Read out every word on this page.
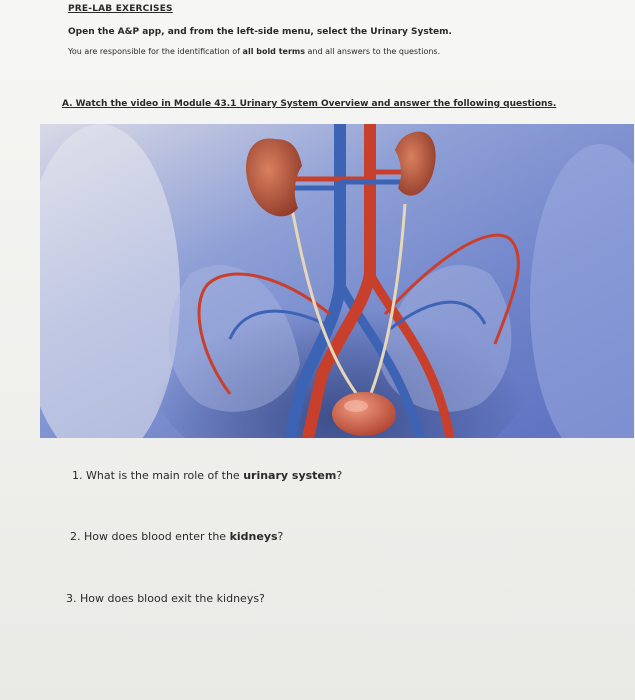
PRE-LAB EXERCISES
Open the A&P app, and from the left-side menu, select the Urinary System.
You are responsible for the identification of all bold terms and all answers to the questions.
A. Watch the video in Module 43.1 Urinary System Overview and answer the following questions.
1. What is the main role of the urinary system?
2. How does blood enter the kidneys?
3. How does blood exit the kidneys?
